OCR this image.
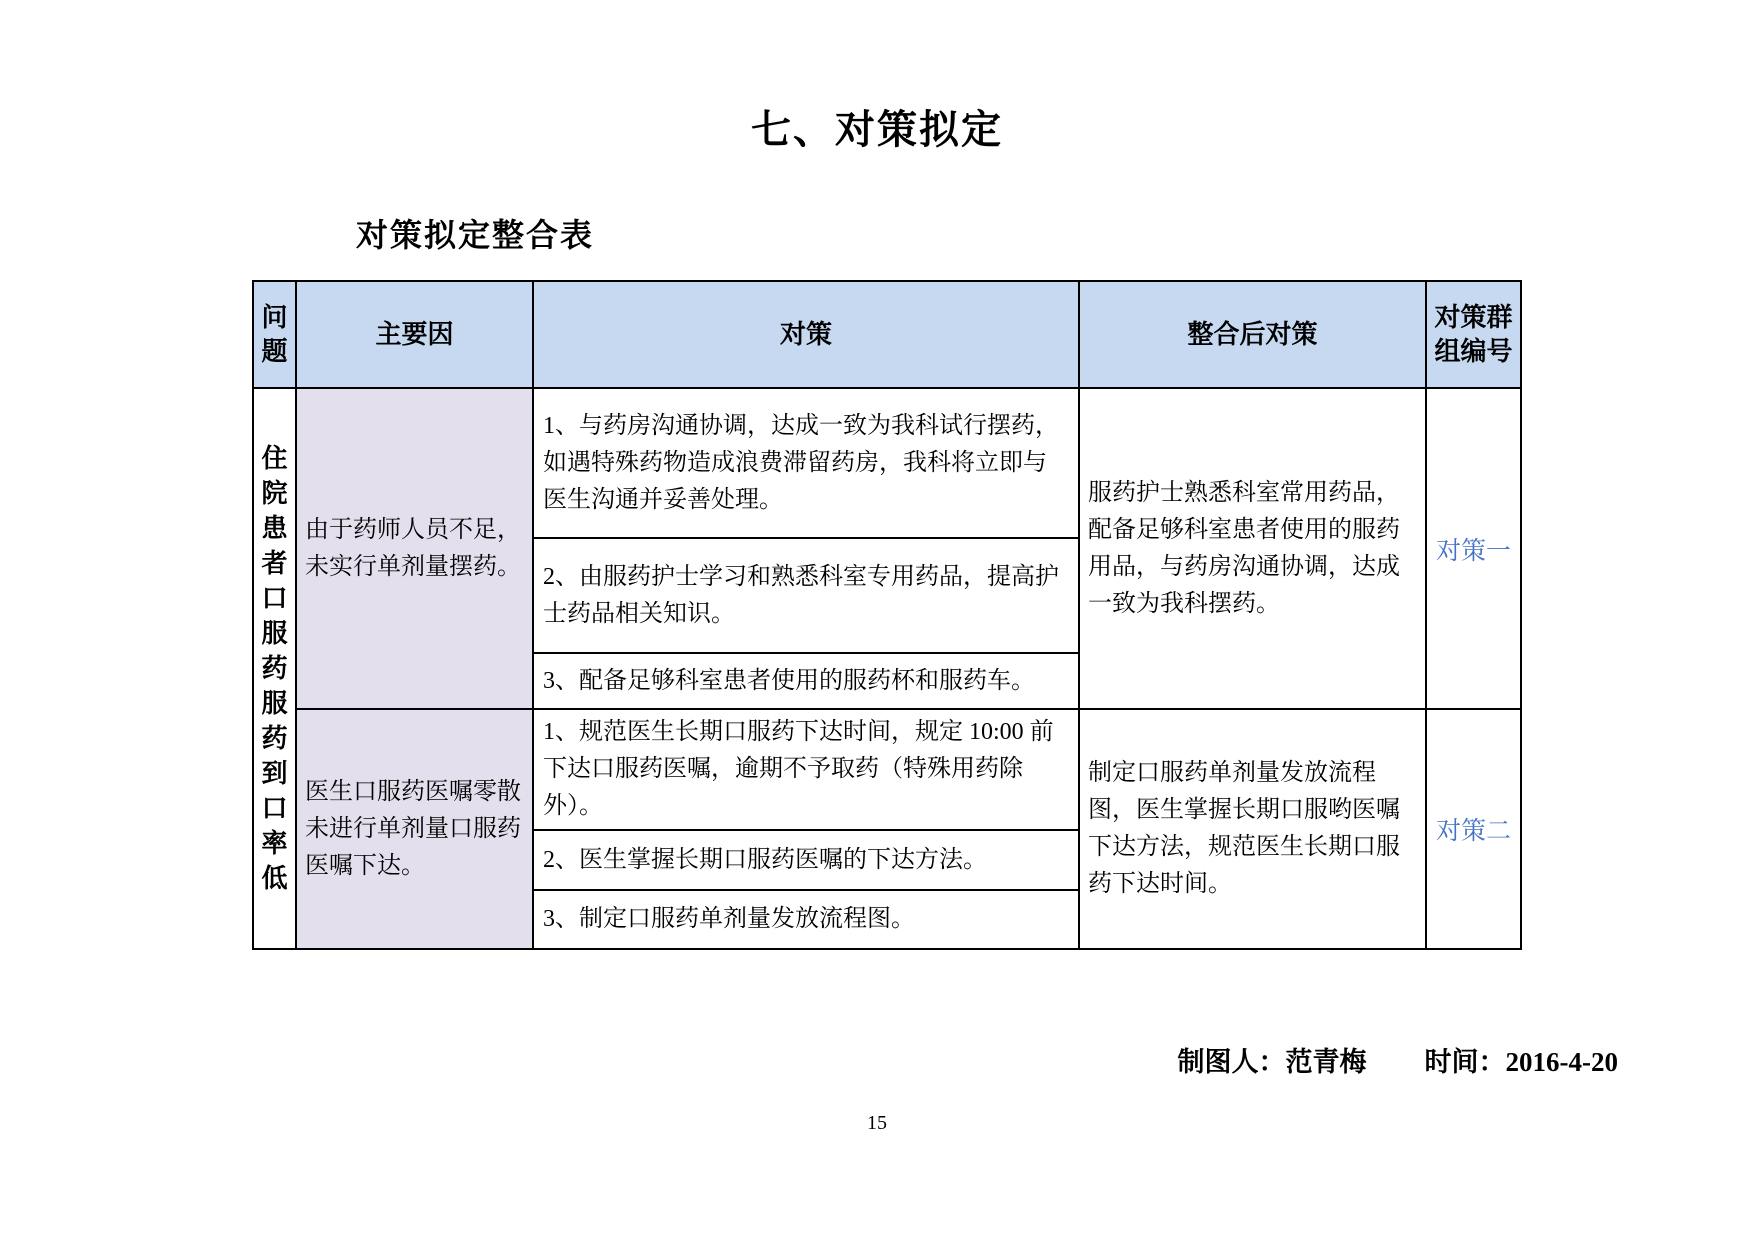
七、对策拟定
对策拟定整合表
问题	主要因	对策	整合后对策	对策群组编号
住院患者口服药服药到口率低	由于药师人员不足，未实行单剂量摆药。	1、与药房沟通协调，达成一致为我科试行摆药，如遇特殊药物造成浪费滞留药房，我科将立即与医生沟通并妥善处理。	服药护士熟悉科室常用药品，配备足够科室患者使用的服药用品，与药房沟通协调，达成一致为我科摆药。	对策一
		2、由服药护士学习和熟悉科室专用药品，提高护士药品相关知识。		
		3、配备足够科室患者使用的服药杯和服药车。		
	医生口服药医嘱零散未进行单剂量口服药医嘱下达。	1、规范医生长期口服药下达时间，规定 10:00 前下达口服药医嘱，逾期不予取药（特殊用药除外）。	制定口服药单剂量发放流程图，医生掌握长期口服哟医嘱下达方法，规范医生长期口服药下达时间。	对策二
		2、医生掌握长期口服药医嘱的下达方法。		
		3、制定口服药单剂量发放流程图。		
制图人：范青梅 时间：2016-4-20
15
